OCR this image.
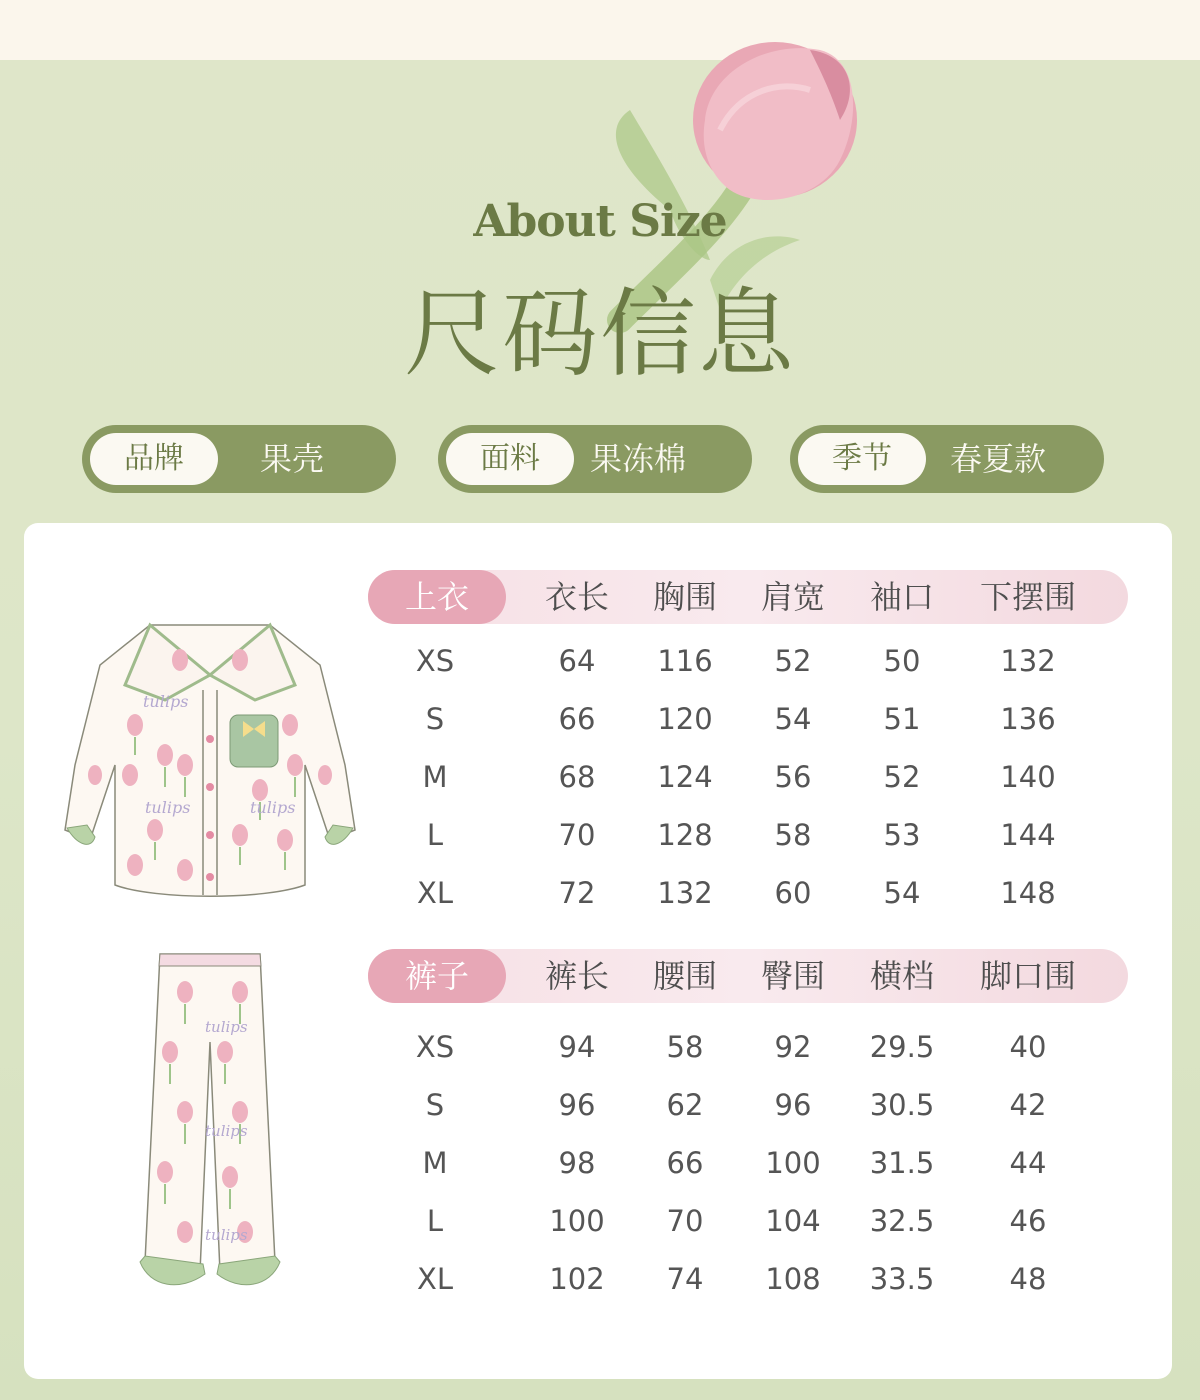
About Size
尺码信息
品牌	果壳	面料	果冻棉	季节	春夏款
tulips
tulips	tulips
tulips
tulips
tulips
上衣	衣长	胸围	肩宽	袖口	下摆围
XS	64	116	52	50	132
S	66	120	54	51	136
M	68	124	56	52	140
L	70	128	58	53	144
XL	72	132	60	54	148
裤子	裤长	腰围	臀围	横档	脚口围
XS	94	58	92	29.5	40
S	96	62	96	30.5	42
M	98	66	100	31.5	44
L	100	70	104	32.5	46
XL	102	74	108	33.5	48
